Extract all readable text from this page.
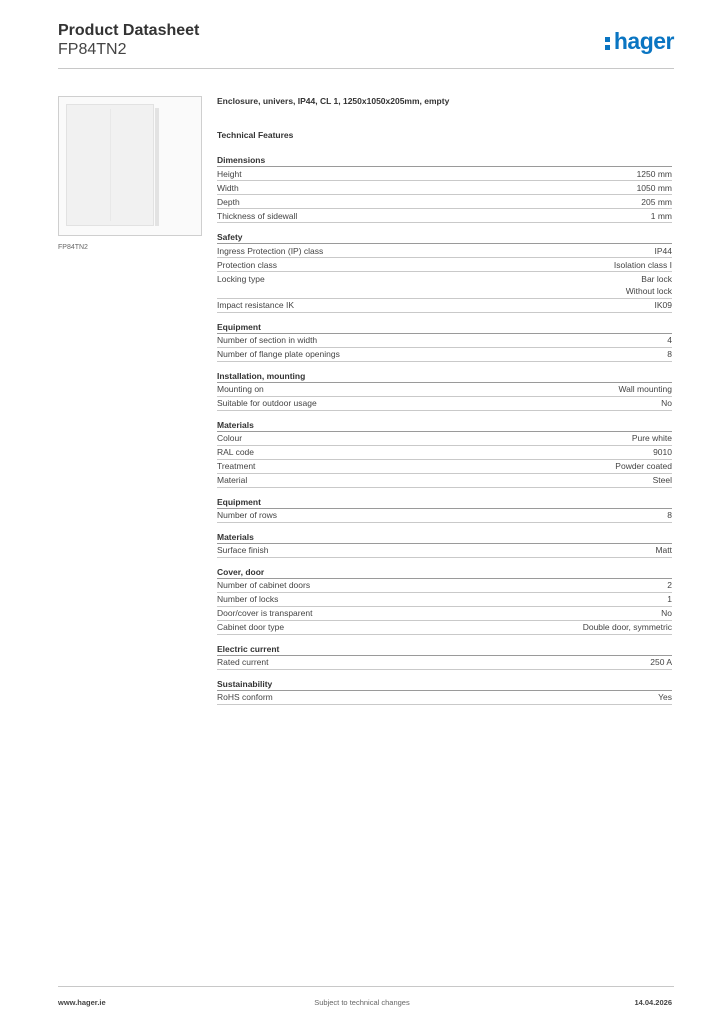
Product Datasheet
FP84TN2	hager
FP84TN2
Enclosure, univers, IP44, CL 1, 1250x1050x205mm, empty
Technical Features
Dimensions
Height	1250 mm
Width	1050 mm
Depth	205 mm
Thickness of sidewall	1 mm
Safety
Ingress Protection (IP) class	IP44
Protection class	Isolation class I
Locking type	Bar lock
Without lock
Impact resistance IK	IK09
Equipment
Number of section in width	4
Number of flange plate openings	8
Installation, mounting
Mounting on	Wall mounting
Suitable for outdoor usage	No
Materials
Colour	Pure white
RAL code	9010
Treatment	Powder coated
Material	Steel
Equipment
Number of rows	8
Materials
Surface finish	Matt
Cover, door
Number of cabinet doors	2
Number of locks	1
Door/cover is transparent	No
Cabinet door type	Double door, symmetric
Electric current
Rated current	250 A
Sustainability
RoHS conform	Yes
www.hager.ie	Subject to technical changes	14.04.2026
